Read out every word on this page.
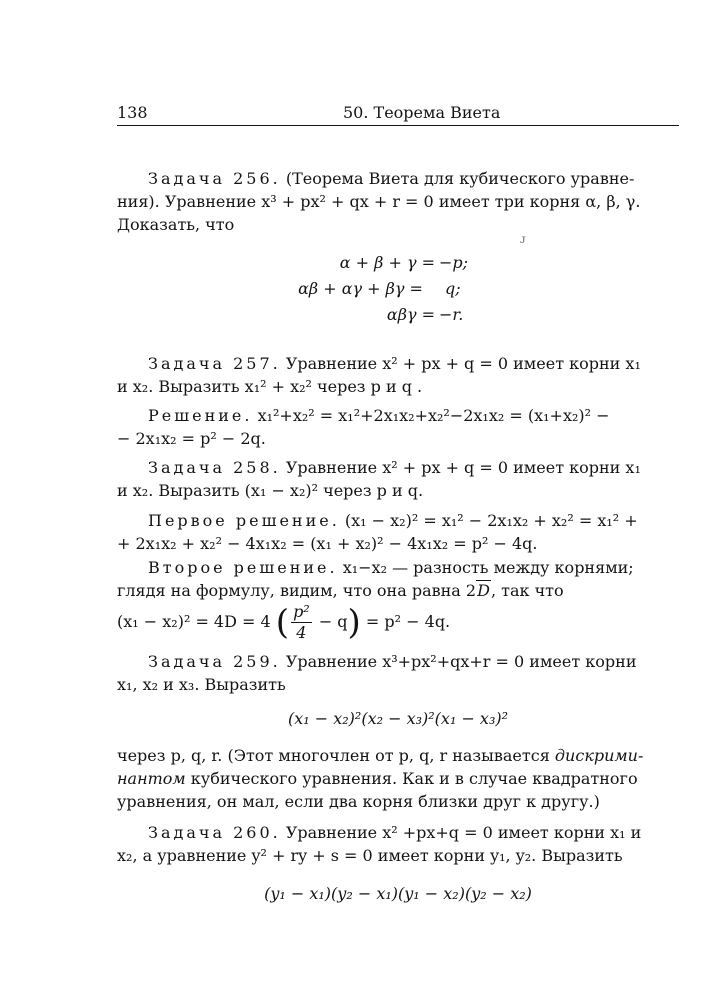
138	50. Теорема Виета
Задача 256. (Теорема Виета для кубического уравне-
ния). Уравнение x³ + px² + qx + r = 0 имеет три корня α, β, γ.
Доказать, что
ᴊ
α + β + γ = −p;
αβ + αγ + βγ =	q;
αβγ = −r.
Задача 257. Уравнение x² + px + q = 0 имеет корни x₁
и x₂. Выразить x₁² + x₂² через p и q .
Решение. x₁²+x₂² = x₁²+2x₁x₂+x₂²−2x₁x₂ = (x₁+x₂)² −
− 2x₁x₂ = p² − 2q.
Задача 258. Уравнение x² + px + q = 0 имеет корни x₁
и x₂. Выразить (x₁ − x₂)² через p и q.
Первое решение. (x₁ − x₂)² = x₁² − 2x₁x₂ + x₂² = x₁² +
+ 2x₁x₂ + x₂² − 4x₁x₂ = (x₁ + x₂)² − 4x₁x₂ = p² − 4q.
Второе решение. x₁−x₂ — разность между корнями;
глядя на формулу, видим, что она равна 2D, так что
(x₁ − x₂)² = 4D = 4 ( $\frac{\text{p²}}{4} - q) = p^2 - 4q$.
Задача 259. Уравнение x³+px²+qx+r = 0 имеет корни
x₁, x₂ и x₃. Выразить
(x₁ − x₂)²(x₂ − x₃)²(x₁ − x₃)²
через p, q, r. (Этот многочлен от p, q, r называется дискрими-
нантом кубического уравнения. Как и в случае квадратного
уравнения, он мал, если два корня близки друг к другу.)
Задача 260. Уравнение x² +px+q = 0 имеет корни x₁ и
x₂, а уравнение y² + ry + s = 0 имеет корни y₁, y₂. Выразить
(y₁ − x₁)(y₂ − x₁)(y₁ − x₂)(y₂ − x₂)
